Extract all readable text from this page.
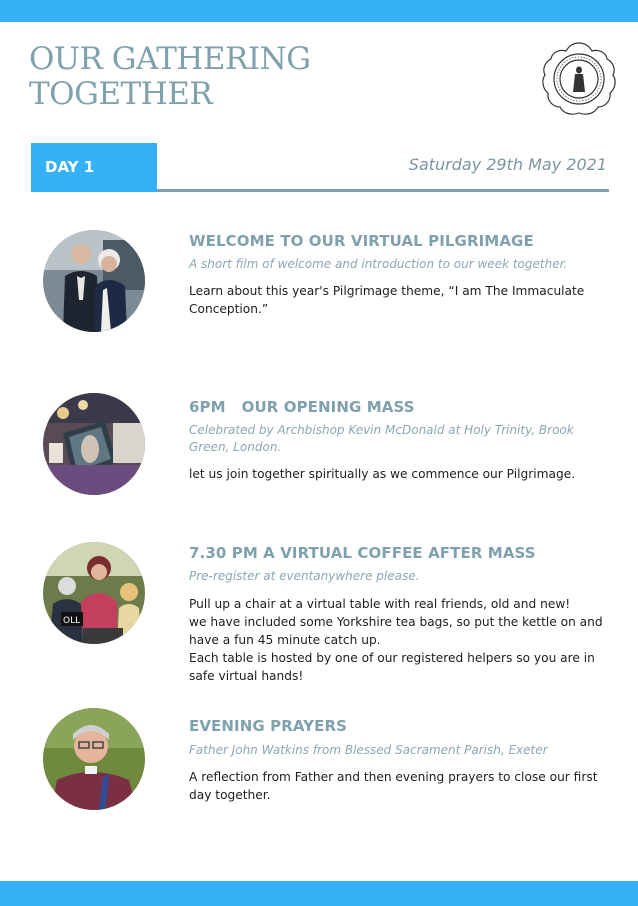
OUR GATHERING
TOGETHER
DAY 1	Saturday 29th May 2021
WELCOME TO OUR VIRTUAL PILGRIMAGE
A short film of welcome and introduction to our week together.
Learn about this year's Pilgrimage theme, “I am The Immaculate Conception.”
6PM   OUR OPENING MASS
Celebrated by Archbishop Kevin McDonald at Holy Trinity, Brook Green, London.
let us join together spiritually as we commence our Pilgrimage.
OLL
7.30 PM A VIRTUAL COFFEE AFTER MASS
Pre-register at eventanywhere please.
Pull up a chair at a virtual table with real friends, old and new!
we have included some Yorkshire tea bags, so put the kettle on and have a fun 45 minute catch up.
Each table is hosted by one of our registered helpers so you are in safe virtual hands!
EVENING PRAYERS
Father John Watkins from Blessed Sacrament Parish, Exeter
A reflection from Father and then evening prayers to close our first day together.
